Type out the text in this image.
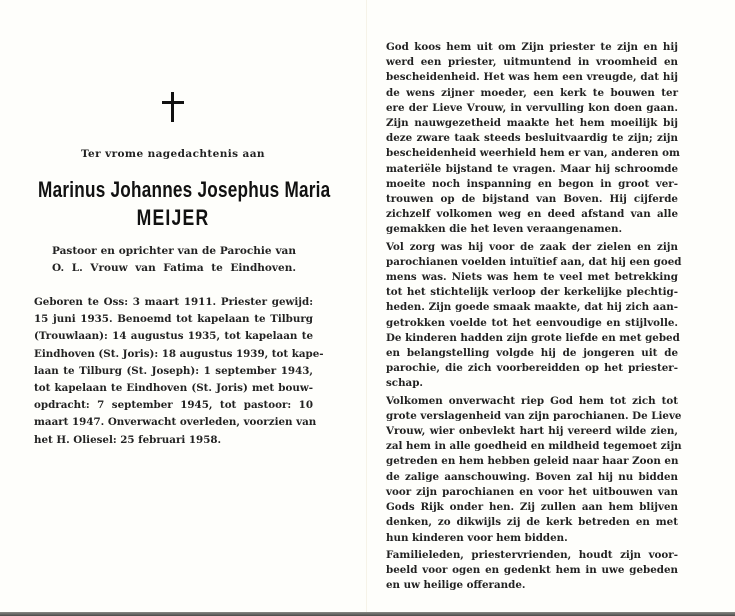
Ter vrome nagedachtenis aan
Marinus Johannes Josephus Maria
MEIJER
Pastoor en oprichter van de Parochie van
O. L. Vrouw van Fatima te Eindhoven.
Geboren te Oss: 3 maart 1911. Priester gewijd:
15 juni 1935. Benoemd tot kapelaan te Tilburg
(Trouwlaan): 14 augustus 1935, tot kapelaan te
Eindhoven (St. Joris): 18 augustus 1939, tot kape-
laan te Tilburg (St. Joseph): 1 september 1943,
tot kapelaan te Eindhoven (St. Joris) met bouw-
opdracht: 7 september 1945, tot pastoor: 10
maart 1947. Onverwacht overleden, voorzien van
het H. Oliesel: 25 februari 1958.

God koos hem uit om Zijn priester te zijn en hij
werd een priester, uitmuntend in vroomheid en
bescheidenheid. Het was hem een vreugde, dat hij
de wens zijner moeder, een kerk te bouwen ter
ere der Lieve Vrouw, in vervulling kon doen gaan.
Zijn nauwgezetheid maakte het hem moeilijk bij
deze zware taak steeds besluitvaardig te zijn; zijn
bescheidenheid weerhield hem er van, anderen om
materiële bijstand te vragen. Maar hij schroomde
moeite noch inspanning en begon in groot ver-
trouwen op de bijstand van Boven. Hij cijferde
zichzelf volkomen weg en deed afstand van alle
gemakken die het leven veraangenamen.

Vol zorg was hij voor de zaak der zielen en zijn
parochianen voelden intuïtief aan, dat hij een goed
mens was. Niets was hem te veel met betrekking
tot het stichtelijk verloop der kerkelijke plechtig-
heden. Zijn goede smaak maakte, dat hij zich aan-
getrokken voelde tot het eenvoudige en stijlvolle.
De kinderen hadden zijn grote liefde en met gebed
en belangstelling volgde hij de jongeren uit de
parochie, die zich voorbereidden op het priester-
schap.

Volkomen onverwacht riep God hem tot zich tot
grote verslagenheid van zijn parochianen. De Lieve
Vrouw, wier onbevlekt hart hij vereerd wilde zien,
zal hem in alle goedheid en mildheid tegemoet zijn
getreden en hem hebben geleid naar haar Zoon en
de zalige aanschouwing. Boven zal hij nu bidden
voor zijn parochianen en voor het uitbouwen van
Gods Rijk onder hen. Zij zullen aan hem blijven
denken, zo dikwijls zij de kerk betreden en met
hun kinderen voor hem bidden.

Familieleden, priestervrienden, houdt zijn voor-
beeld voor ogen en gedenkt hem in uwe gebeden
en uw heilige offerande.
